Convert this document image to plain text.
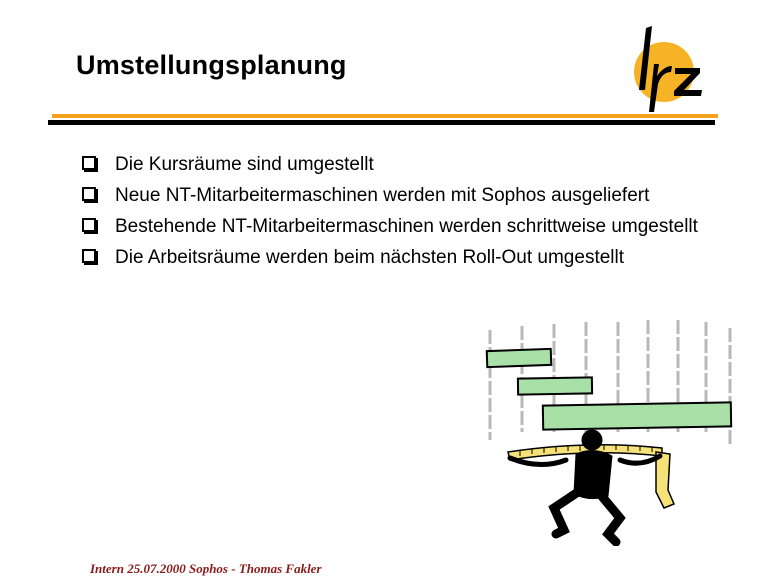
Umstellungsplanung
Die Kursräume sind umgestellt
Neue NT-Mitarbeitermaschinen werden mit Sophos ausgeliefert
Bestehende NT-Mitarbeitermaschinen werden schrittweise umgestellt
Die Arbeitsräume werden beim nächsten Roll-Out umgestellt
Intern 25.07.2000 Sophos - Thomas Fakler
